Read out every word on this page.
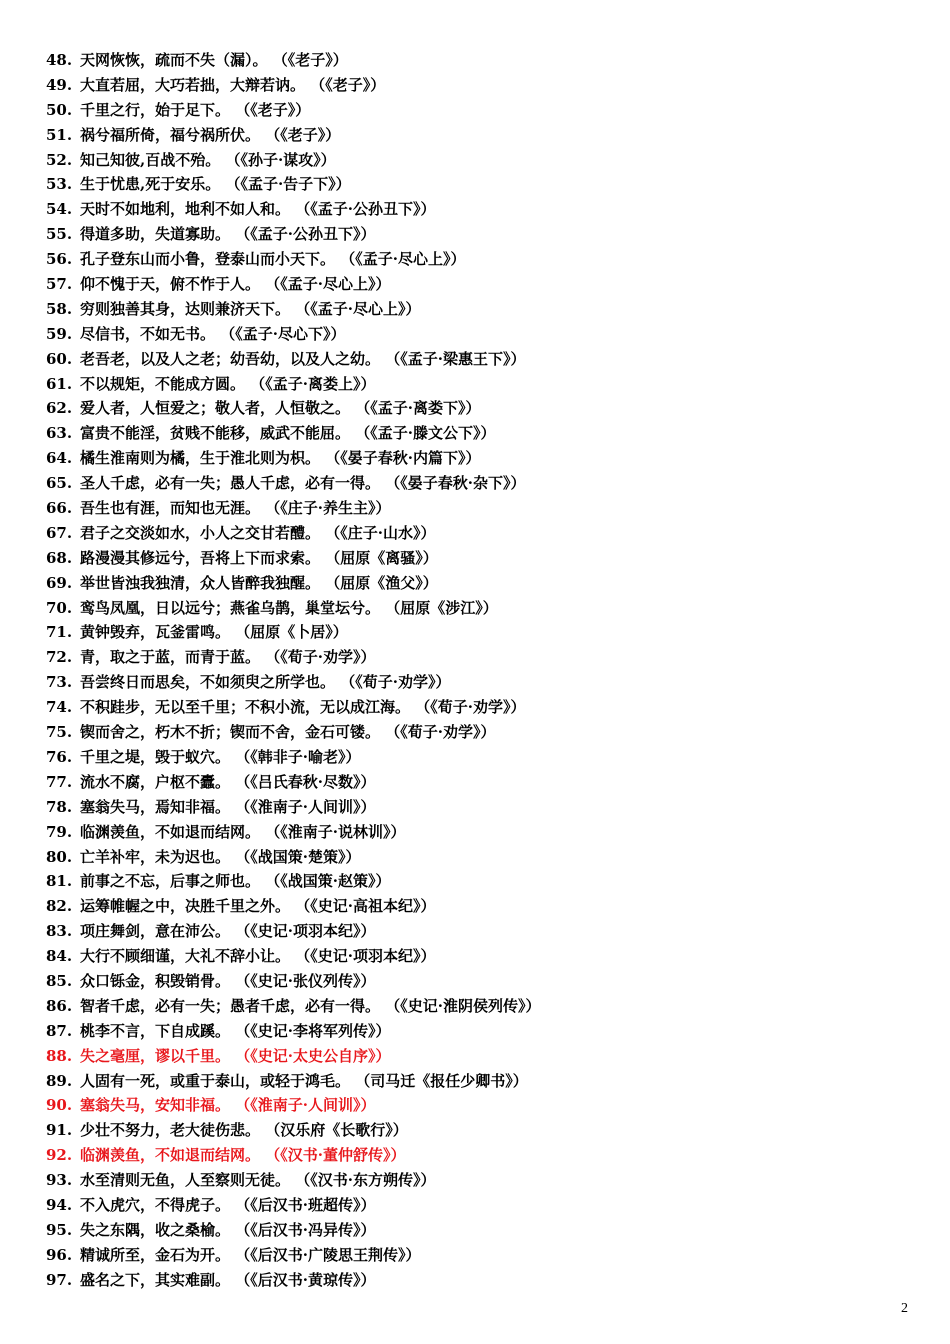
48. 天网恢恢，疏而不失（漏）。 （《老子》）
49. 大直若屈，大巧若拙，大辩若讷。 （《老子》）
50. 千里之行，始于足下。 （《老子》）
51. 祸兮福所倚，福兮祸所伏。 （《老子》）
52. 知己知彼,百战不殆。 （《孙子·谋攻》）
53. 生于忧患,死于安乐。 （《孟子·告子下》）
54. 天时不如地利，地利不如人和。 （《孟子·公孙丑下》）
55. 得道多助，失道寡助。 （《孟子·公孙丑下》）
56. 孔子登东山而小鲁，登泰山而小天下。 （《孟子·尽心上》）
57. 仰不愧于天，俯不怍于人。 （《孟子·尽心上》）
58. 穷则独善其身，达则兼济天下。 （《孟子·尽心上》）
59. 尽信书，不如无书。 （《孟子·尽心下》）
60. 老吾老，以及人之老；幼吾幼，以及人之幼。 （《孟子·梁惠王下》）
61. 不以规矩，不能成方圆。 （《孟子·离娄上》）
62. 爱人者，人恒爱之；敬人者，人恒敬之。 （《孟子·离娄下》）
63. 富贵不能淫，贫贱不能移，威武不能屈。 （《孟子·滕文公下》）
64. 橘生淮南则为橘，生于淮北则为枳。 （《晏子春秋·内篇下》）
65. 圣人千虑，必有一失；愚人千虑，必有一得。 （《晏子春秋·杂下》）
66. 吾生也有涯，而知也无涯。 （《庄子·养生主》）
67. 君子之交淡如水，小人之交甘若醴。 （《庄子·山水》）
68. 路漫漫其修远兮，吾将上下而求索。 （屈原《离骚》）
69. 举世皆浊我独清，众人皆醉我独醒。 （屈原《渔父》）
70. 鸾鸟凤凰，日以远兮；燕雀乌鹊，巢堂坛兮。 （屈原《涉江》）
71. 黄钟毁弃，瓦釜雷鸣。 （屈原《卜居》）
72. 青，取之于蓝，而青于蓝。 （《荀子·劝学》）
73. 吾尝终日而思矣，不如须臾之所学也。 （《荀子·劝学》）
74. 不积跬步，无以至千里；不积小流，无以成江海。 （《荀子·劝学》）
75. 锲而舍之，朽木不折；锲而不舍，金石可镂。 （《荀子·劝学》）
76. 千里之堤，毁于蚁穴。 （《韩非子·喻老》）
77. 流水不腐，户枢不蠹。 （《吕氏春秋·尽数》）
78. 塞翁失马，焉知非福。 （《淮南子·人间训》）
79. 临渊羡鱼，不如退而结网。 （《淮南子·说林训》）
80. 亡羊补牢，未为迟也。 （《战国策·楚策》）
81. 前事之不忘，后事之师也。 （《战国策·赵策》）
82. 运筹帷幄之中，决胜千里之外。 （《史记·高祖本纪》）
83. 项庄舞剑，意在沛公。 （《史记·项羽本纪》）
84. 大行不顾细谨，大礼不辞小让。 （《史记·项羽本纪》）
85. 众口铄金，积毁销骨。 （《史记·张仪列传》）
86. 智者千虑，必有一失；愚者千虑，必有一得。 （《史记·淮阴侯列传》）
87. 桃李不言，下自成蹊。 （《史记·李将军列传》）
88. 失之毫厘，谬以千里。 （《史记·太史公自序》）
89. 人固有一死，或重于泰山，或轻于鸿毛。 （司马迁《报任少卿书》）
90. 塞翁失马，安知非福。 （《淮南子·人间训》）
91. 少壮不努力，老大徒伤悲。 （汉乐府《长歌行》）
92. 临渊羡鱼，不如退而结网。 （《汉书·董仲舒传》）
93. 水至清则无鱼，人至察则无徒。 （《汉书·东方朔传》）
94. 不入虎穴，不得虎子。 （《后汉书·班超传》）
95. 失之东隅，收之桑榆。 （《后汉书·冯异传》）
96. 精诚所至，金石为开。 （《后汉书·广陵思王荆传》）
97. 盛名之下，其实难副。 （《后汉书·黄琼传》）
2
